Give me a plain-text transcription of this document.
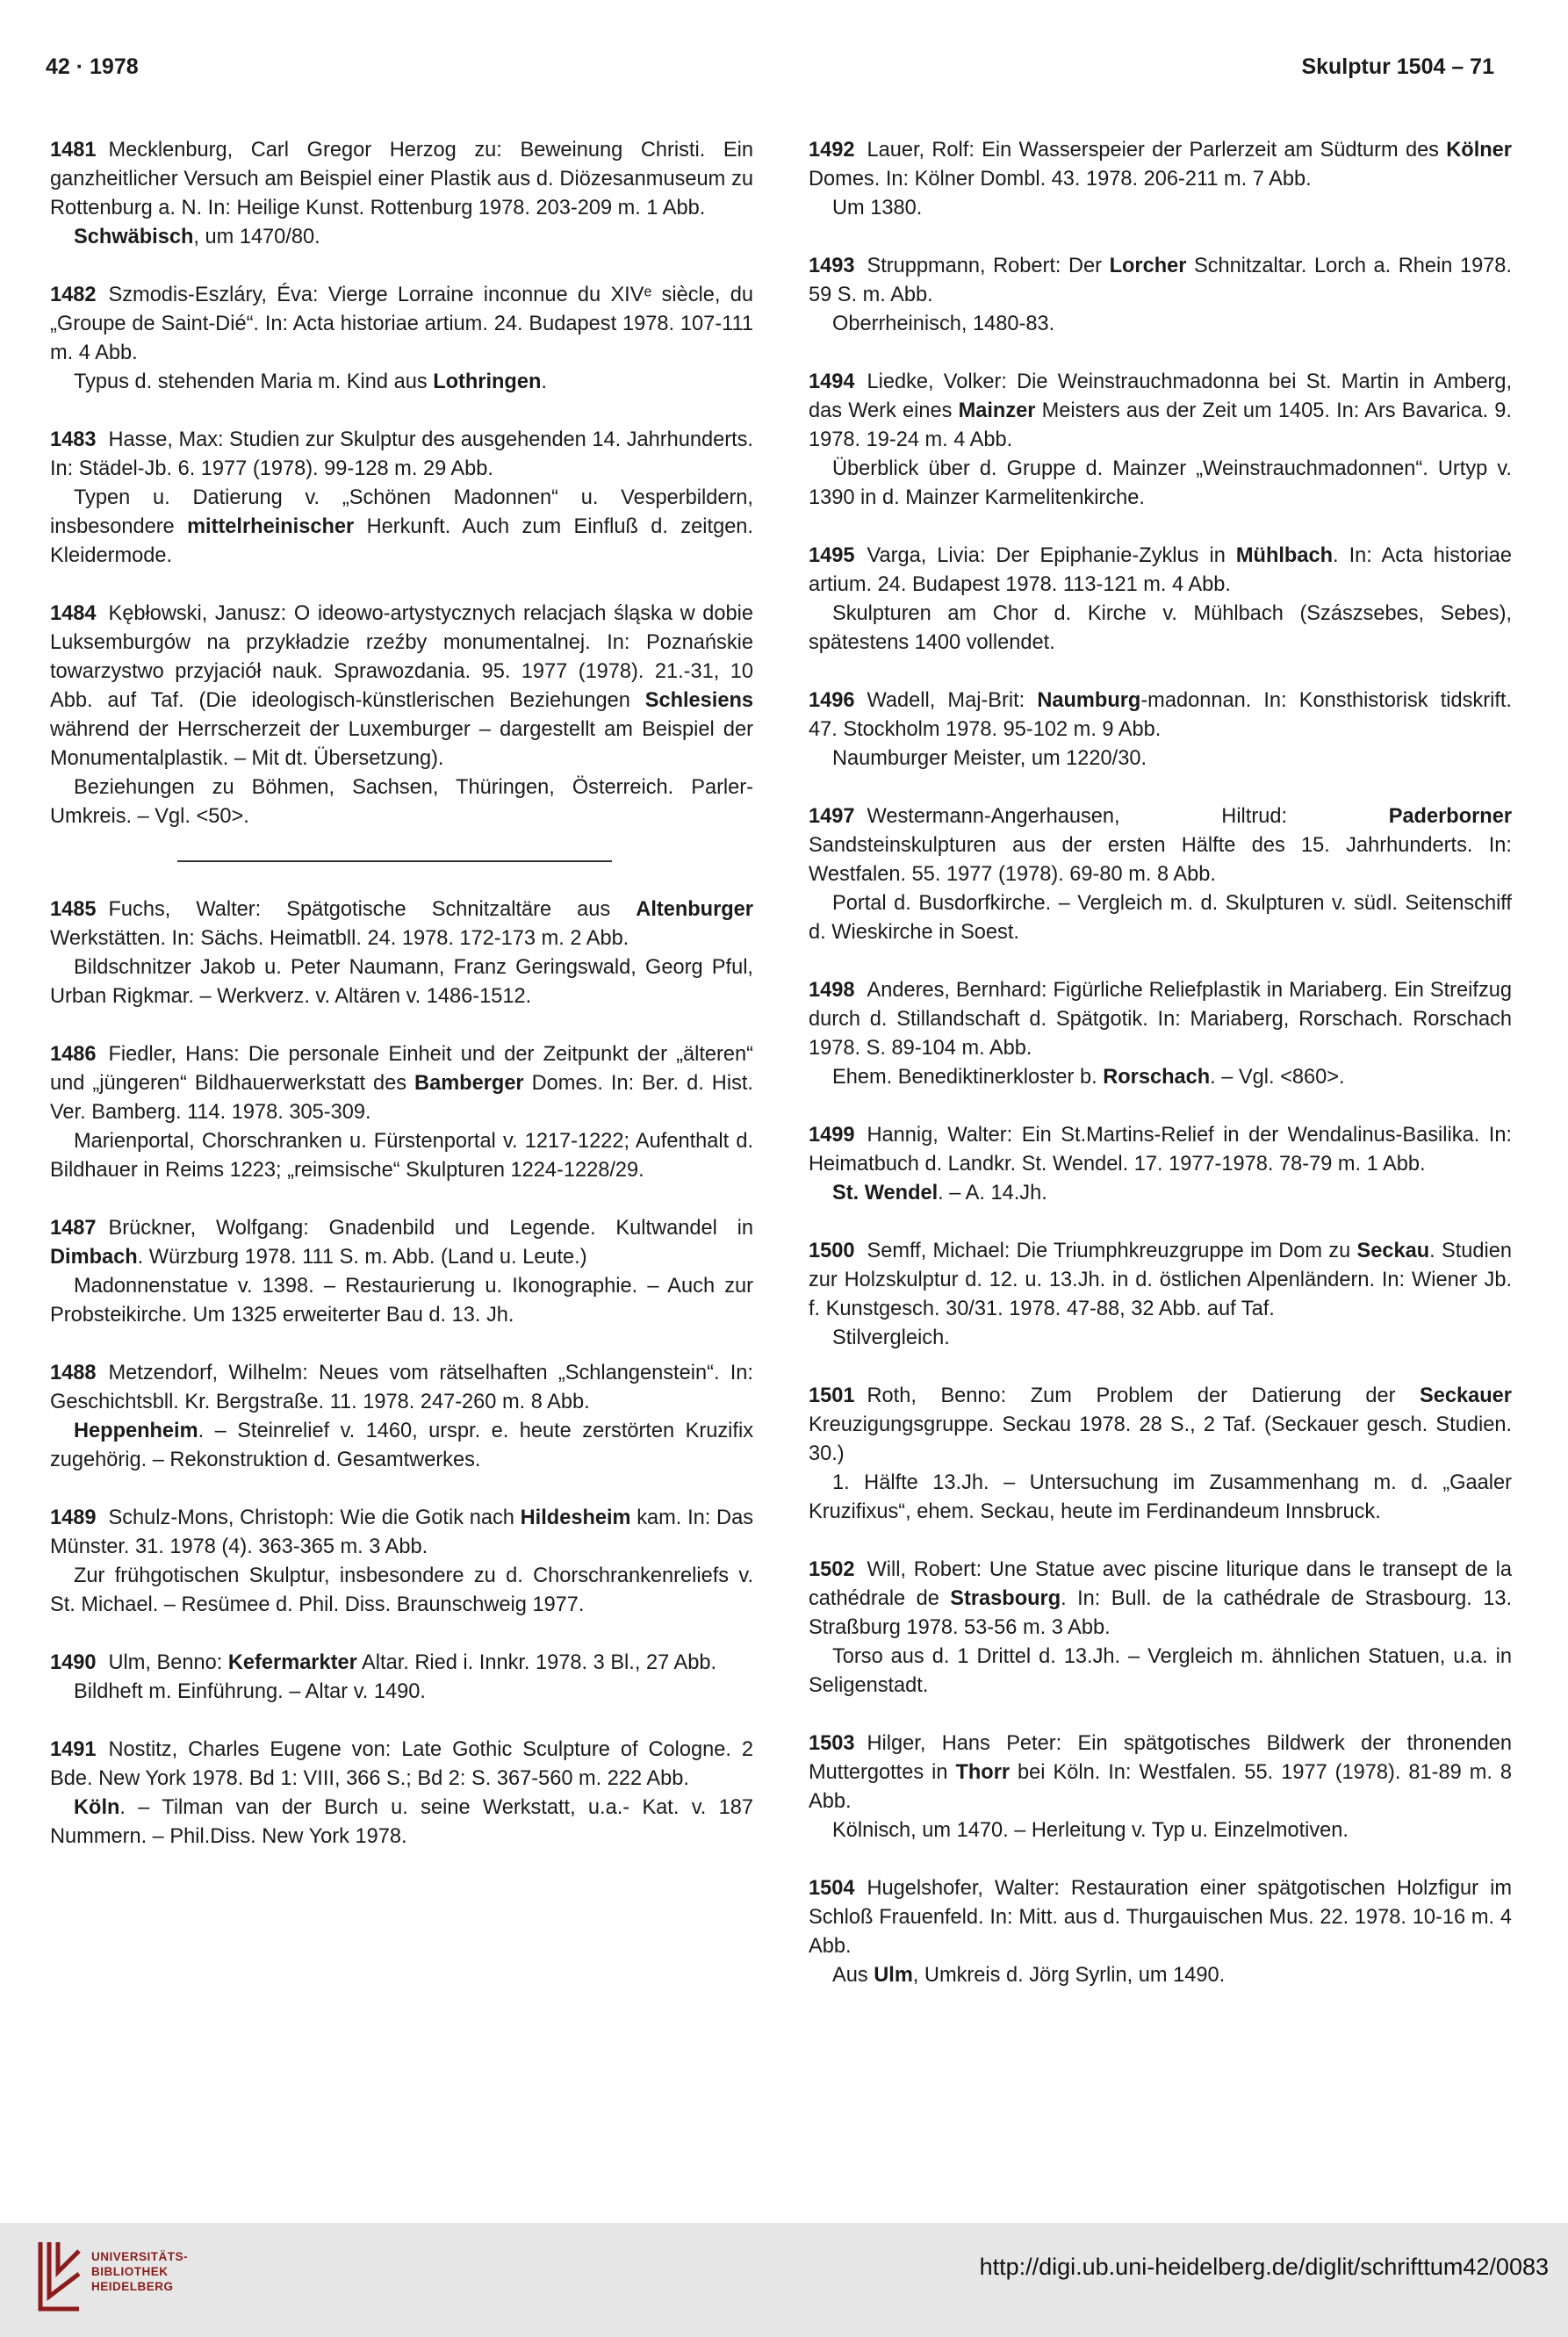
42 · 1978	Skulptur 1504 – 71

1481 Mecklenburg, Carl Gregor Herzog zu: Beweinung Christi. Ein ganzheitlicher Versuch am Beispiel einer Plastik aus d. Diözesanmuseum zu Rottenburg a. N. In: Heilige Kunst. Rottenburg 1978. 203-209 m. 1 Abb.

Schwäbisch, um 1470/80.

1482 Szmodis-Eszláry, Éva: Vierge Lorraine inconnue du XIVᵉ siècle, du „Groupe de Saint-Dié“. In: Acta historiae artium. 24. Budapest 1978. 107-111 m. 4 Abb.

Typus d. stehenden Maria m. Kind aus Lothringen.

1483 Hasse, Max: Studien zur Skulptur des ausgehenden 14. Jahrhunderts. In: Städel-Jb. 6. 1977 (1978). 99-128 m. 29 Abb.

Typen u. Datierung v. „Schönen Madonnen“ u. Vesperbildern, insbesondere mittelrheinischer Herkunft. Auch zum Einfluß d. zeitgen. Kleidermode.

1484 Kębłowski, Janusz: O ideowo-artystycznych relacjach śląska w dobie Luksemburgów na przykładzie rzeźby monumentalnej. In: Poznańskie towarzystwo przyjaciół nauk. Sprawozdania. 95. 1977 (1978). 21.-31, 10 Abb. auf Taf. (Die ideologisch-künstlerischen Beziehungen Schlesiens während der Herrscherzeit der Luxemburger – dargestellt am Beispiel der Monumentalplastik. – Mit dt. Übersetzung).

Beziehungen zu Böhmen, Sachsen, Thüringen, Österreich. Parler-Umkreis. – Vgl. <50>.

1485 Fuchs, Walter: Spätgotische Schnitzaltäre aus Altenburger Werkstätten. In: Sächs. Heimatbll. 24. 1978. 172-173 m. 2 Abb.

Bildschnitzer Jakob u. Peter Naumann, Franz Geringswald, Georg Pful, Urban Rigkmar. – Werkverz. v. Altären v. 1486-1512.

1486 Fiedler, Hans: Die personale Einheit und der Zeitpunkt der „älteren“ und „jüngeren“ Bildhauerwerkstatt des Bamberger Domes. In: Ber. d. Hist. Ver. Bamberg. 114. 1978. 305-309.

Marienportal, Chorschranken u. Fürstenportal v. 1217-1222; Aufenthalt d. Bildhauer in Reims 1223; „reimsische“ Skulpturen 1224-1228/29.

1487 Brückner, Wolfgang: Gnadenbild und Legende. Kultwandel in Dimbach. Würzburg 1978. 111 S. m. Abb. (Land u. Leute.)

Madonnenstatue v. 1398. – Restaurierung u. Ikonographie. – Auch zur Probsteikirche. Um 1325 erweiterter Bau d. 13. Jh.

1488 Metzendorf, Wilhelm: Neues vom rätselhaften „Schlangenstein“. In: Geschichtsbll. Kr. Bergstraße. 11. 1978. 247-260 m. 8 Abb.

Heppenheim. – Steinrelief v. 1460, urspr. e. heute zerstörten Kruzifix zugehörig. – Rekonstruktion d. Gesamtwerkes.

1489 Schulz-Mons, Christoph: Wie die Gotik nach Hildesheim kam. In: Das Münster. 31. 1978 (4). 363-365 m. 3 Abb.

Zur frühgotischen Skulptur, insbesondere zu d. Chorschrankenreliefs v. St. Michael. – Resümee d. Phil. Diss. Braunschweig 1977.

1490 Ulm, Benno: Kefermarkter Altar. Ried i. Innkr. 1978. 3 Bl., 27 Abb.

Bildheft m. Einführung. – Altar v. 1490.

1491 Nostitz, Charles Eugene von: Late Gothic Sculpture of Cologne. 2 Bde. New York 1978. Bd 1: VIII, 366 S.; Bd 2: S. 367-560 m. 222 Abb.

Köln. – Tilman van der Burch u. seine Werkstatt, u.a.- Kat. v. 187 Nummern. – Phil.Diss. New York 1978.

1492 Lauer, Rolf: Ein Wasserspeier der Parlerzeit am Südturm des Kölner Domes. In: Kölner Dombl. 43. 1978. 206-211 m. 7 Abb.

Um 1380.

1493 Struppmann, Robert: Der Lorcher Schnitzaltar. Lorch a. Rhein 1978. 59 S. m. Abb.

Oberrheinisch, 1480-83.

1494 Liedke, Volker: Die Weinstrauchmadonna bei St. Martin in Amberg, das Werk eines Mainzer Meisters aus der Zeit um 1405. In: Ars Bavarica. 9. 1978. 19-24 m. 4 Abb.

Überblick über d. Gruppe d. Mainzer „Weinstrauchmadonnen“. Urtyp v. 1390 in d. Mainzer Karmelitenkirche.

1495 Varga, Livia: Der Epiphanie-Zyklus in Mühlbach. In: Acta historiae artium. 24. Budapest 1978. 113-121 m. 4 Abb.

Skulpturen am Chor d. Kirche v. Mühlbach (Szászsebes, Sebes), spätestens 1400 vollendet.

1496 Wadell, Maj-Brit: Naumburg-madonnan. In: Konsthistorisk tidskrift. 47. Stockholm 1978. 95-102 m. 9 Abb.

Naumburger Meister, um 1220/30.

1497 Westermann-Angerhausen, Hiltrud: Paderborner Sandsteinskulpturen aus der ersten Hälfte des 15. Jahrhunderts. In: Westfalen. 55. 1977 (1978). 69-80 m. 8 Abb.

Portal d. Busdorfkirche. – Vergleich m. d. Skulpturen v. südl. Seitenschiff d. Wieskirche in Soest.

1498 Anderes, Bernhard: Figürliche Reliefplastik in Mariaberg. Ein Streifzug durch d. Stillandschaft d. Spätgotik. In: Mariaberg, Rorschach. Rorschach 1978. S. 89-104 m. Abb.

Ehem. Benediktinerkloster b. Rorschach. – Vgl. <860>.

1499 Hannig, Walter: Ein St.Martins-Relief in der Wendalinus-Basilika. In: Heimatbuch d. Landkr. St. Wendel. 17. 1977-1978. 78-79 m. 1 Abb.

St. Wendel. – A. 14.Jh.

1500 Semff, Michael: Die Triumphkreuzgruppe im Dom zu Seckau. Studien zur Holzskulptur d. 12. u. 13.Jh. in d. östlichen Alpenländern. In: Wiener Jb. f. Kunstgesch. 30/31. 1978. 47-88, 32 Abb. auf Taf.

Stilvergleich.

1501 Roth, Benno: Zum Problem der Datierung der Seckauer Kreuzigungsgruppe. Seckau 1978. 28 S., 2 Taf. (Seckauer gesch. Studien. 30.)

1. Hälfte 13.Jh. – Untersuchung im Zusammenhang m. d. „Gaaler Kruzifixus“, ehem. Seckau, heute im Ferdinandeum Innsbruck.

1502 Will, Robert: Une Statue avec piscine liturique dans le transept de la cathédrale de Strasbourg. In: Bull. de la cathédrale de Strasbourg. 13. Straßburg 1978. 53-56 m. 3 Abb.

Torso aus d. 1 Drittel d. 13.Jh. – Vergleich m. ähnlichen Statuen, u.a. in Seligenstadt.

1503 Hilger, Hans Peter: Ein spätgotisches Bildwerk der thronenden Muttergottes in Thorr bei Köln. In: Westfalen. 55. 1977 (1978). 81-89 m. 8 Abb.

Kölnisch, um 1470. – Herleitung v. Typ u. Einzelmotiven.

1504 Hugelshofer, Walter: Restauration einer spätgotischen Holzfigur im Schloß Frauenfeld. In: Mitt. aus d. Thurgauischen Mus. 22. 1978. 10-16 m. 4 Abb.

Aus Ulm, Umkreis d. Jörg Syrlin, um 1490.

UNIVERSITÄTS-
BIBLIOTHEK
HEIDELBERG
http://digi.ub.uni-heidelberg.de/diglit/schrifttum42/0083
